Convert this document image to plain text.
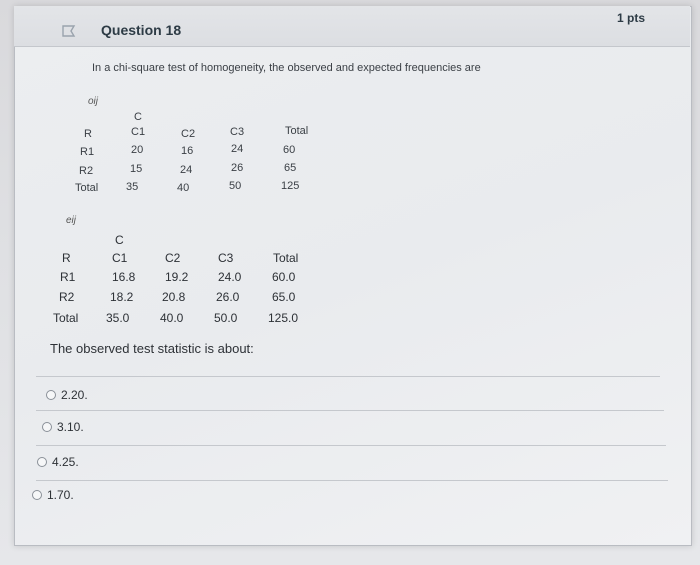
Question 18
1 pts
In a chi-square test of homogeneity, the observed and expected frequencies are
oij
C
R	C1	C2	C3	Total
R1	20	16	24	60
R2	15	24	26	65
Total	35	40	50	125
eij
C
R	C1	C2	C3	Total
R1	16.8 19.2 24.0	60.0
R2	18.2 20.8	26.0	65.0
Total 35.0	40.0	50.0	125.0
The observed test statistic is about:
2.20.
3.10.
4.25.
1.70.
